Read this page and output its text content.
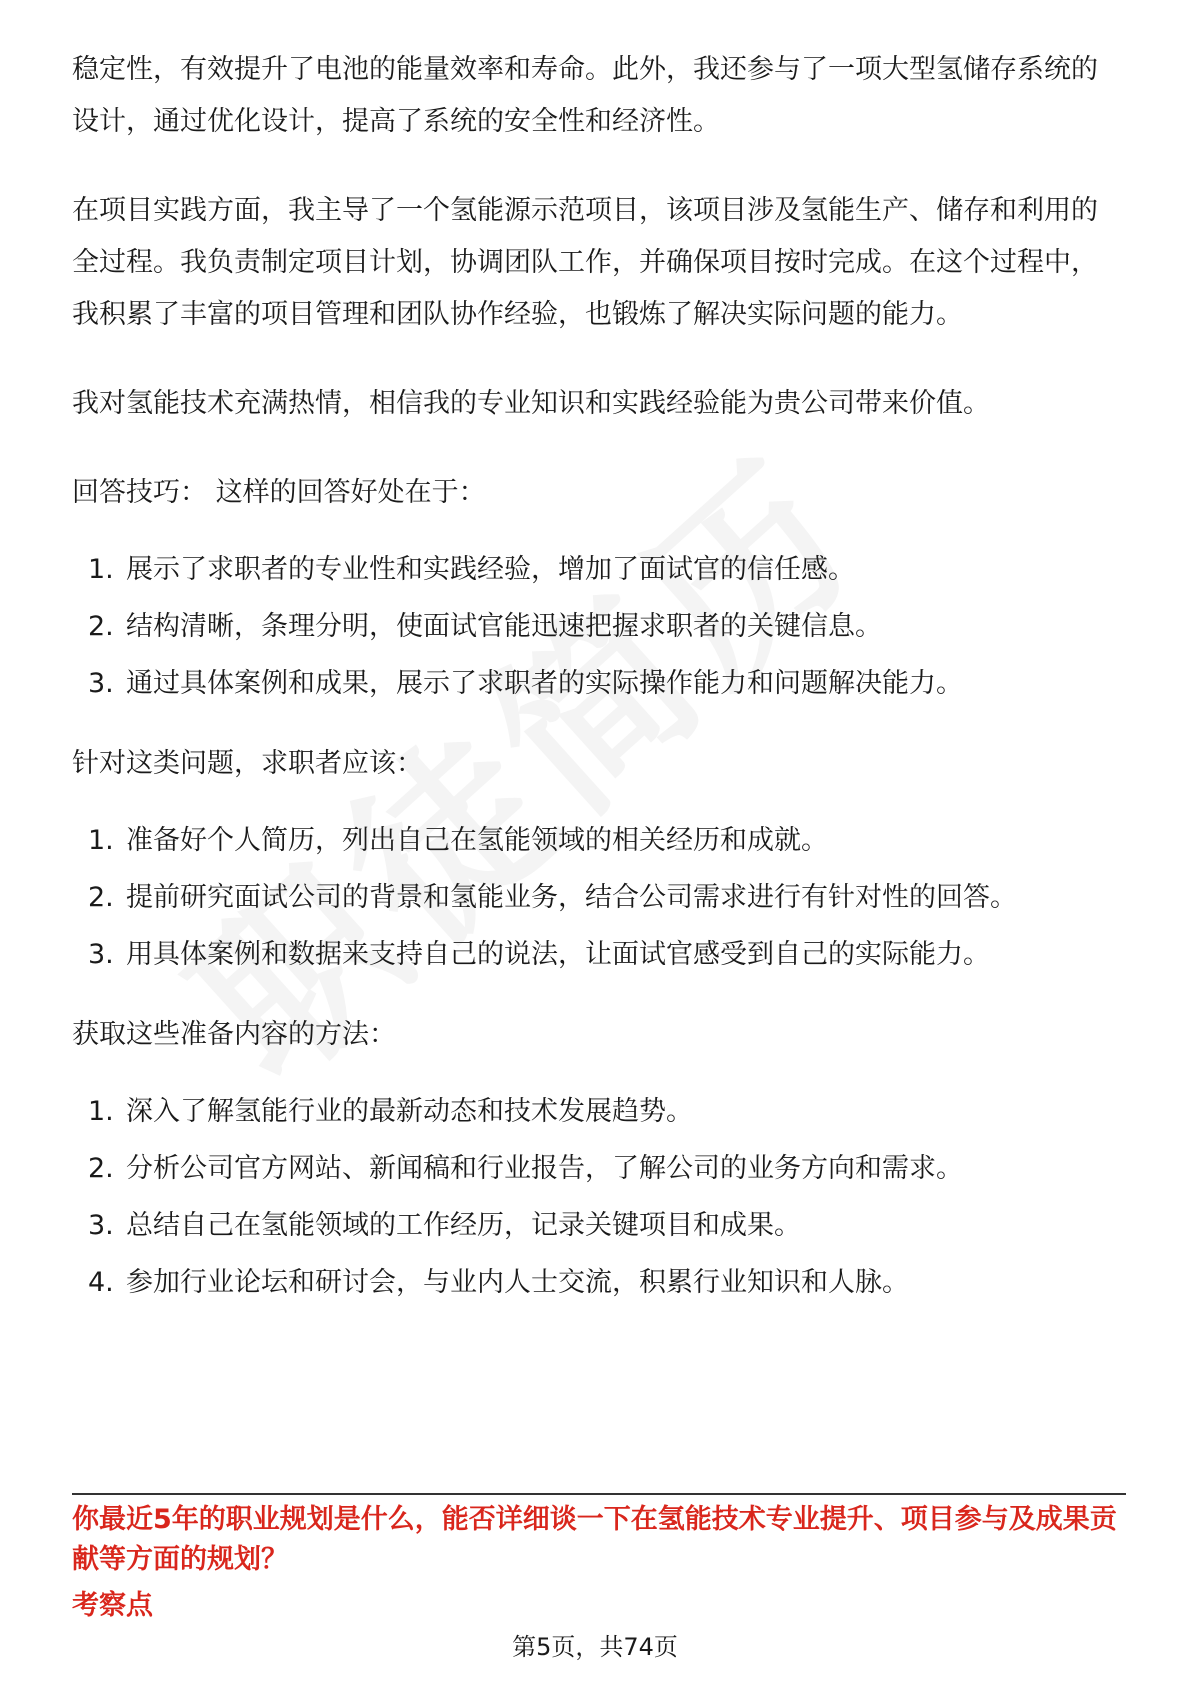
稳定性，有效提升了电池的能量效率和寿命。此外，我还参与了一项大型氢储存系统的设计，通过优化设计，提高了系统的安全性和经济性。

在项目实践方面，我主导了一个氢能源示范项目，该项目涉及氢能生产、储存和利用的全过程。我负责制定项目计划，协调团队工作，并确保项目按时完成。在这个过程中，我积累了丰富的项目管理和团队协作经验，也锻炼了解决实际问题的能力。

我对氢能技术充满热情，相信我的专业知识和实践经验能为贵公司带来价值。

回答技巧： 这样的回答好处在于：

1. 展示了求职者的专业性和实践经验，增加了面试官的信任感。
2. 结构清晰，条理分明，使面试官能迅速把握求职者的关键信息。
3. 通过具体案例和成果，展示了求职者的实际操作能力和问题解决能力。

针对这类问题，求职者应该：

1. 准备好个人简历，列出自己在氢能领域的相关经历和成就。
2. 提前研究面试公司的背景和氢能业务，结合公司需求进行有针对性的回答。
3. 用具体案例和数据来支持自己的说法，让面试官感受到自己的实际能力。

获取这些准备内容的方法：

1. 深入了解氢能行业的最新动态和技术发展趋势。
2. 分析公司官方网站、新闻稿和行业报告，了解公司的业务方向和需求。
3. 总结自己在氢能领域的工作经历，记录关键项目和成果。
4. 参加行业论坛和研讨会，与业内人士交流，积累行业知识和人脉。

你最近5年的职业规划是什么，能否详细谈一下在氢能技术专业提升、项目参与及成果贡献等方面的规划？

考察点

第5页，共74页
